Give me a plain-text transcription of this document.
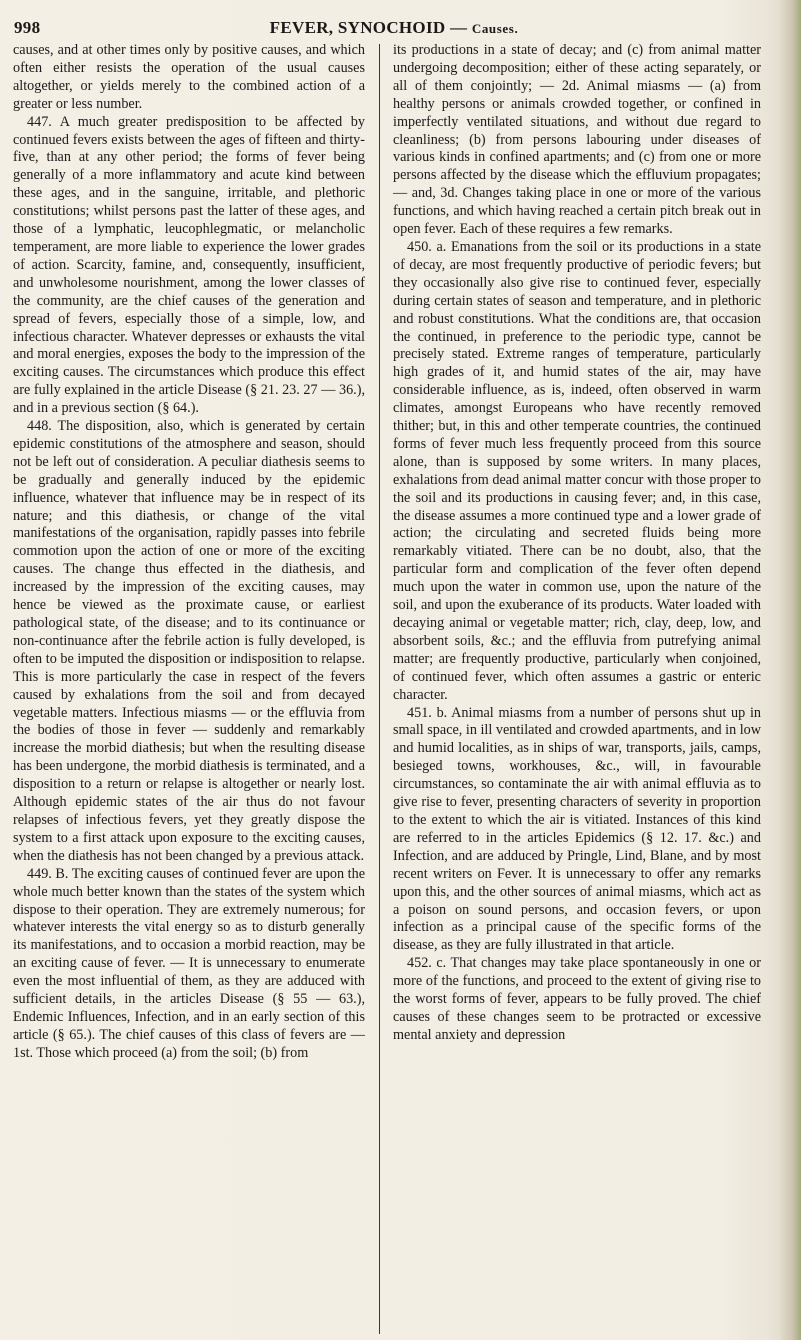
998	FEVER, SYNOCHOID — Causes.

causes, and at other times only by positive causes, and which often either resists the operation of the usual causes altogether, or yields merely to the combined action of a greater or less number.

447. A much greater predisposition to be affected by continued fevers exists between the ages of fifteen and thirty-five, than at any other period; the forms of fever being generally of a more inflammatory and acute kind between these ages, and in the sanguine, irritable, and plethoric constitutions; whilst persons past the latter of these ages, and those of a lymphatic, leucophlegmatic, or melancholic temperament, are more liable to experience the lower grades of action. Scarcity, famine, and, consequently, insufficient, and unwholesome nourishment, among the lower classes of the community, are the chief causes of the generation and spread of fevers, especially those of a simple, low, and infectious character. Whatever depresses or exhausts the vital and moral energies, exposes the body to the impression of the exciting causes. The circumstances which produce this effect are fully explained in the article Disease (§ 21. 23. 27 — 36.), and in a previous section (§ 64.).

448. The disposition, also, which is generated by certain epidemic constitutions of the atmosphere and season, should not be left out of consideration. A peculiar diathesis seems to be gradually and generally induced by the epidemic influence, whatever that influence may be in respect of its nature; and this diathesis, or change of the vital manifestations of the organisation, rapidly passes into febrile commotion upon the action of one or more of the exciting causes. The change thus effected in the diathesis, and increased by the impression of the exciting causes, may hence be viewed as the proximate cause, or earliest pathological state, of the disease; and to its continuance or non-continuance after the febrile action is fully developed, is often to be imputed the disposition or indisposition to relapse. This is more particularly the case in respect of the fevers caused by exhalations from the soil and from decayed vegetable matters. Infectious miasms — or the effluvia from the bodies of those in fever — suddenly and remarkably increase the morbid diathesis; but when the resulting disease has been undergone, the morbid diathesis is terminated, and a disposition to a return or relapse is altogether or nearly lost. Although epidemic states of the air thus do not favour relapses of infectious fevers, yet they greatly dispose the system to a first attack upon exposure to the exciting causes, when the diathesis has not been changed by a previous attack.

449. B. The exciting causes of continued fever are upon the whole much better known than the states of the system which dispose to their operation. They are extremely numerous; for whatever interests the vital energy so as to disturb generally its manifestations, and to occasion a morbid reaction, may be an exciting cause of fever. — It is unnecessary to enumerate even the most influential of them, as they are adduced with sufficient details, in the articles Disease (§ 55 — 63.), Endemic Influences, Infection, and in an early section of this article (§ 65.). The chief causes of this class of fevers are — 1st. Those which proceed (a) from the soil; (b) from

its productions in a state of decay; and (c) from animal matter undergoing decomposition; either of these acting separately, or all of them conjointly; — 2d. Animal miasms — (a) from healthy persons or animals crowded together, or confined in imperfectly ventilated situations, and without due regard to cleanliness; (b) from persons labouring under diseases of various kinds in confined apartments; and (c) from one or more persons affected by the disease which the effluvium propagates; — and, 3d. Changes taking place in one or more of the various functions, and which having reached a certain pitch break out in open fever. Each of these requires a few remarks.

450. a. Emanations from the soil or its productions in a state of decay, are most frequently productive of periodic fevers; but they occasionally also give rise to continued fever, especially during certain states of season and temperature, and in plethoric and robust constitutions. What the conditions are, that occasion the continued, in preference to the periodic type, cannot be precisely stated. Extreme ranges of temperature, particularly high grades of it, and humid states of the air, may have considerable influence, as is, indeed, often observed in warm climates, amongst Europeans who have recently removed thither; but, in this and other temperate countries, the continued forms of fever much less frequently proceed from this source alone, than is supposed by some writers. In many places, exhalations from dead animal matter concur with those proper to the soil and its productions in causing fever; and, in this case, the disease assumes a more continued type and a lower grade of action; the circulating and secreted fluids being more remarkably vitiated. There can be no doubt, also, that the particular form and complication of the fever often depend much upon the water in common use, upon the nature of the soil, and upon the exuberance of its products. Water loaded with decaying animal or vegetable matter; rich, clay, deep, low, and absorbent soils, &c.; and the effluvia from putrefying animal matter; are frequently productive, particularly when conjoined, of continued fever, which often assumes a gastric or enteric character.

451. b. Animal miasms from a number of persons shut up in small space, in ill ventilated and crowded apartments, and in low and humid localities, as in ships of war, transports, jails, camps, besieged towns, workhouses, &c., will, in favourable circumstances, so contaminate the air with animal effluvia as to give rise to fever, presenting characters of severity in proportion to the extent to which the air is vitiated. Instances of this kind are referred to in the articles Epidemics (§ 12. 17. &c.) and Infection, and are adduced by Pringle, Lind, Blane, and by most recent writers on Fever. It is unnecessary to offer any remarks upon this, and the other sources of animal miasms, which act as a poison on sound persons, and occasion fevers, or upon infection as a principal cause of the specific forms of the disease, as they are fully illustrated in that article.

452. c. That changes may take place spontaneously in one or more of the functions, and proceed to the extent of giving rise to the worst forms of fever, appears to be fully proved. The chief causes of these changes seem to be protracted or excessive mental anxiety and depression
